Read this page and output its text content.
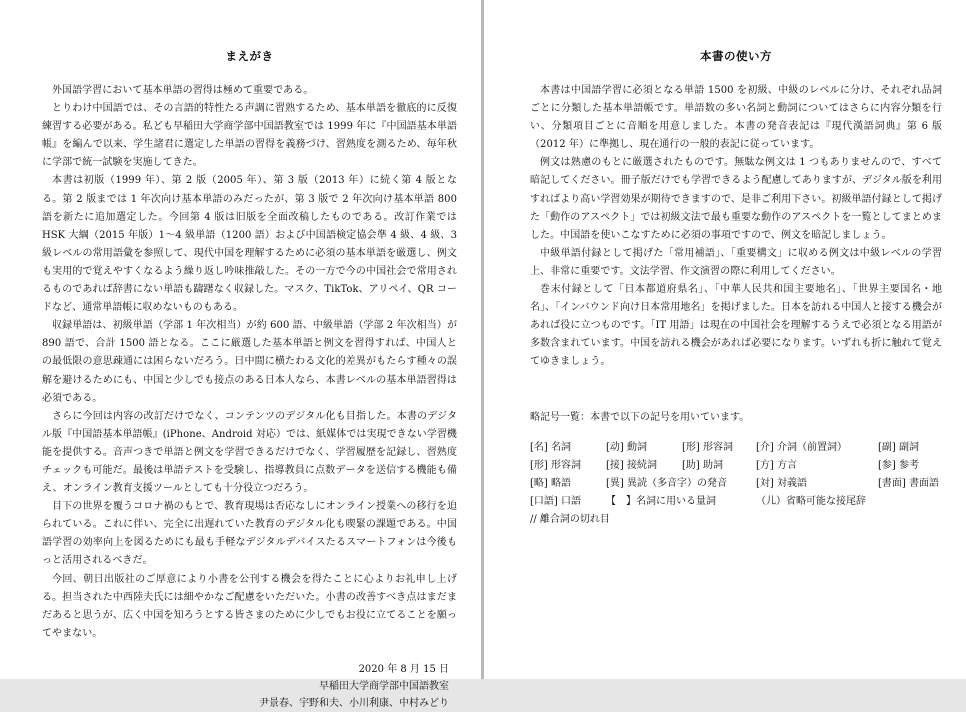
まえがき

外国語学習において基本単語の習得は極めて重要である。

とりわけ中国語では、その言語的特性たる声調に習熟するため、基本単語を徹底的に反復練習する必要がある。私ども早稲田大学商学部中国語教室では 1999 年に『中国語基本単語帳』を編んで以来、学生諸君に選定した単語の習得を義務づけ、習熟度を測るため、毎年秋に学部で統一試験を実施してきた。

本書は初版（1999 年）、第 2 版（2005 年）、第 3 版（2013 年）に続く第 4 版となる。第 2 版までは 1 年次向け基本単語のみだったが、第 3 版で 2 年次向け基本単語 800 語を新たに追加選定した。今回第 4 版は旧版を全面改稿したものである。改訂作業では HSK 大綱（2015 年版）1～4 級単語（1200 語）および中国語検定協会準 4 級、4 級、3 級レベルの常用語彙を参照して、現代中国を理解するために必須の基本単語を厳選し、例文も実用的で覚えやすくなるよう繰り返し吟味推敲した。その一方で今の中国社会で常用されるものであれば辞書にない単語も躊躇なく収録した。マスク、TikTok、アリペイ、QR コードなど、通常単語帳に収めないものもある。

収録単語は、初級単語（学部 1 年次相当）が約 600 語、中級単語（学部 2 年次相当）が 890 語で、合計 1500 語となる。ここに厳選した基本単語と例文を習得すれば、中国人との最低限の意思疎通には困らないだろう。日中間に横たわる文化的差異がもたらす種々の誤解を避けるためにも、中国と少しでも接点のある日本人なら、本書レベルの基本単語習得は必須である。

さらに今回は内容の改訂だけでなく、コンテンツのデジタル化も目指した。本書のデジタル版『中国語基本単語帳』(iPhone、Android 対応）では、紙媒体では実現できない学習機能を提供する。音声つきで単語と例文を学習できるだけでなく、学習履歴を記録し、習熟度チェックも可能だ。最後は単語テストを受験し、指導教員に点数データを送信する機能も備え、オンライン教育支援ツールとしても十分役立つだろう。

目下の世界を覆うコロナ禍のもとで、教育現場は否応なしにオンライン授業への移行を迫られている。これに伴い、完全に出遅れていた教育のデジタル化も喫緊の課題である。中国語学習の効率向上を図るためにも最も手軽なデジタルデバイスたるスマートフォンは今後もっと活用されるべきだ。

今回、朝日出版社のご厚意により小書を公刊する機会を得たことに心よりお礼申し上げる。担当された中西陸夫氏には細やかなご配慮をいただいた。小書の改善すべき点はまだまだあると思うが、広く中国を知ろうとする皆さまのために少しでもお役に立てることを願ってやまない。

2020 年 8 月 15 日
早稲田大学商学部中国語教室
尹景春、宇野和夫、小川利康、中村みどり
本書の使い方

本書は中国語学習に必須となる単語 1500 を初級、中級のレベルに分け、それぞれ品詞ごとに分類した基本単語帳です。単語数の多い名詞と動詞についてはさらに内容分類を行い、分類項目ごとに音順を用意しました。本書の発音表記は『現代漢語詞典』第 6 版（2012 年）に準拠し、現在通行の一般的表記に従っています。

例文は熟慮のもとに厳選されたものです。無駄な例文は 1 つもありませんので、すべて暗記してください。冊子版だけでも学習できるよう配慮してありますが、デジタル版を利用すればより高い学習効果が期待できますので、是非ご利用下さい。初級単語付録として掲げた「動作のアスペクト」では初級文法で最も重要な動作のアスペクトを一覧としてまとめました。中国語を使いこなすために必須の事項ですので、例文を暗記しましょう。

中級単語付録として掲げた「常用補語」、「重要構文」に収める例文は中級レベルの学習上、非常に重要です。文法学習、作文演習の際に利用してください。

巻末付録として「日本都道府県名」、「中華人民共和国主要地名」、「世界主要国名・地名」、「インバウンド向け日本常用地名」を掲げました。日本を訪れる中国人と接する機会があれば役に立つものです。「IT 用語」は現在の中国社会を理解するうえで必須となる用語が多数含まれています。中国を訪れる機会があれば必要になります。いずれも折に触れて覚えてゆきましょう。

略記号一覧：本書で以下の記号を用いています。
[名] 名詞	[动] 動詞	[形] 形容詞	[介] 介詞（前置詞）	[副] 副詞
[形] 形容詞	[接] 接続詞	[助] 助詞	[方] 方言	[参] 参考
[略] 略語	[異] 異読（多音字）の発音	[対] 対義語	[書面] 書面語
[口語] 口語	【　】名詞に用いる量詞	（儿）省略可能な接尾辞
// 離合詞の切れ目
